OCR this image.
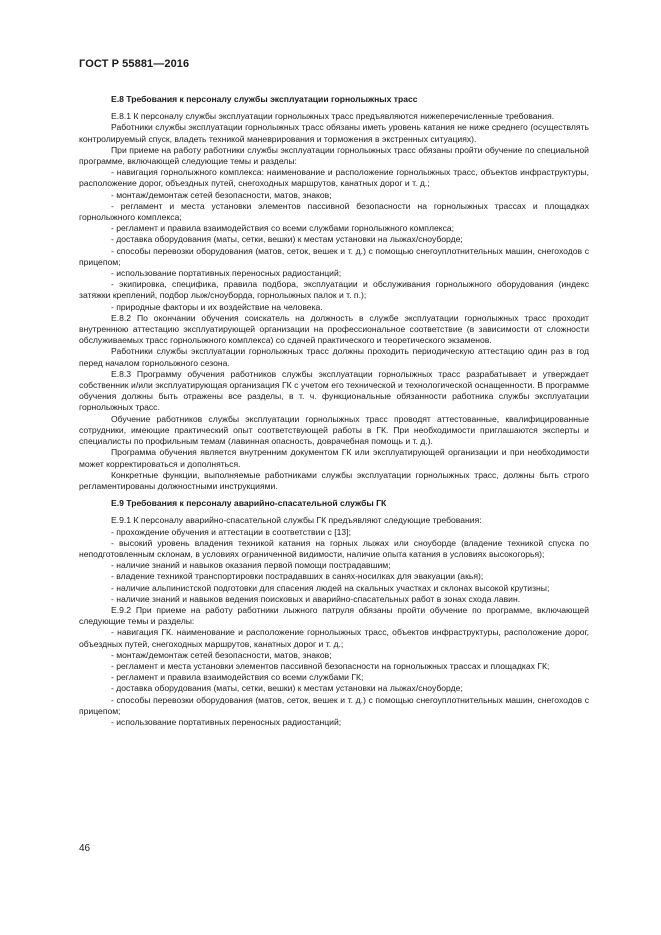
ГОСТ Р 55881—2016
Е.8 Требования к персоналу службы эксплуатации горнолыжных трасс

Е.8.1 К персоналу службы эксплуатации горнолыжных трасс предъявляются нижеперечисленные требования.

Работники службы эксплуатации горнолыжных трасс обязаны иметь уровень катания не ниже среднего (осуществлять контролируемый спуск, владеть техникой маневрирования и торможения в экстренных ситуациях).

При приеме на работу работники службы эксплуатации горнолыжных трасс обязаны пройти обучение по специальной программе, включающей следующие темы и разделы:

- навигация горнолыжного комплекса: наименование и расположение горнолыжных трасс, объектов инфраструктуры, расположение дорог, объездных путей, снегоходных маршрутов, канатных дорог и т. д.;

- монтаж/демонтаж сетей безопасности, матов, знаков;

- регламент и места установки элементов пассивной безопасности на горнолыжных трассах и площадках горнолыжного комплекса;

- регламент и правила взаимодействия со всеми службами горнолыжного комплекса;

- доставка оборудования (маты, сетки, вешки) к местам установки на лыжах/сноуборде;

- способы перевозки оборудования (матов, сеток, вешек и т. д.) с помощью снегоуплотнительных машин, снегоходов с прицепом;

- использование портативных переносных радиостанций;

- экипировка, специфика, правила подбора, эксплуатации и обслуживания горнолыжного оборудования (индекс затяжки креплений, подбор лыж/сноуборда, горнолыжных палок и т. п.);

- природные факторы и их воздействие на человека.

Е.8.2 По окончании обучения соискатель на должность в службе эксплуатации горнолыжных трасс проходит внутреннюю аттестацию эксплуатирующей организации на профессиональное соответствие (в зависимости от сложности обслуживаемых трасс горнолыжного комплекса) со сдачей практического и теоретического экзаменов.

Работники службы эксплуатации горнолыжных трасс должны проходить периодическую аттестацию один раз в год перед началом горнолыжного сезона.

Е.8.3 Программу обучения работников службы эксплуатации горнолыжных трасс разрабатывает и утверждает собственник и/или эксплуатирующая организация ГК с учетом его технической и технологической оснащенности. В программе обучения должны быть отражены все разделы, в т. ч. функциональные обязанности работника службы эксплуатации горнолыжных трасс.

Обучение работников службы эксплуатации горнолыжных трасс проводят аттестованные, квалифицированные сотрудники, имеющие практический опыт соответствующей работы в ГК. При необходимости приглашаются эксперты и специалисты по профильным темам (лавинная опасность, доврачебная помощь и т. д.).

Программа обучения является внутренним документом ГК или эксплуатирующей организации и при необходимости может корректироваться и дополняться.

Конкретные функции, выполняемые работниками службы эксплуатации горнолыжных трасс, должны быть строго регламентированы должностными инструкциями.

Е.9 Требования к персоналу аварийно-спасательной службы ГК

Е.9.1 К персоналу аварийно-спасательной службы ГК предъявляют следующие требования:

- прохождение обучения и аттестации в соответствии с [13];

- высокий уровень владения техникой катания на горных лыжах или сноуборде (владение техникой спуска по неподготовленным склонам, в условиях ограниченной видимости, наличие опыта катания в условиях высокогорья);

- наличие знаний и навыков оказания первой помощи пострадавшим;

- владение техникой транспортировки пострадавших в санях-носилках для эвакуации (акья);

- наличие альпинистской подготовки для спасения людей на скальных участках и склонах высокой крутизны;

- наличие знаний и навыков ведения поисковых и аварийно-спасательных работ в зонах схода лавин.

Е.9.2 При приеме на работу работники лыжного патруля обязаны пройти обучение по программе, включающей следующие темы и разделы:

- навигация ГК. наименование и расположение горнолыжных трасс, объектов инфраструктуры, расположение дорог, объездных путей, снегоходных маршрутов, канатных дорог и т. д.;

- монтаж/демонтаж сетей безопасности, матов, знаков;

- регламент и места установки элементов пассивной безопасности на горнолыжных трассах и площадках ГК;

- регламент и правила взаимодействия со всеми службами ГК;

- доставка оборудования (маты, сетки, вешки) к местам установки на лыжах/сноуборде;

- способы перевозки оборудования (матов, сеток, вешек и т. д.) с помощью снегоуплотнительных машин, снегоходов с прицепом;

- использование портативных переносных радиостанций;

46
